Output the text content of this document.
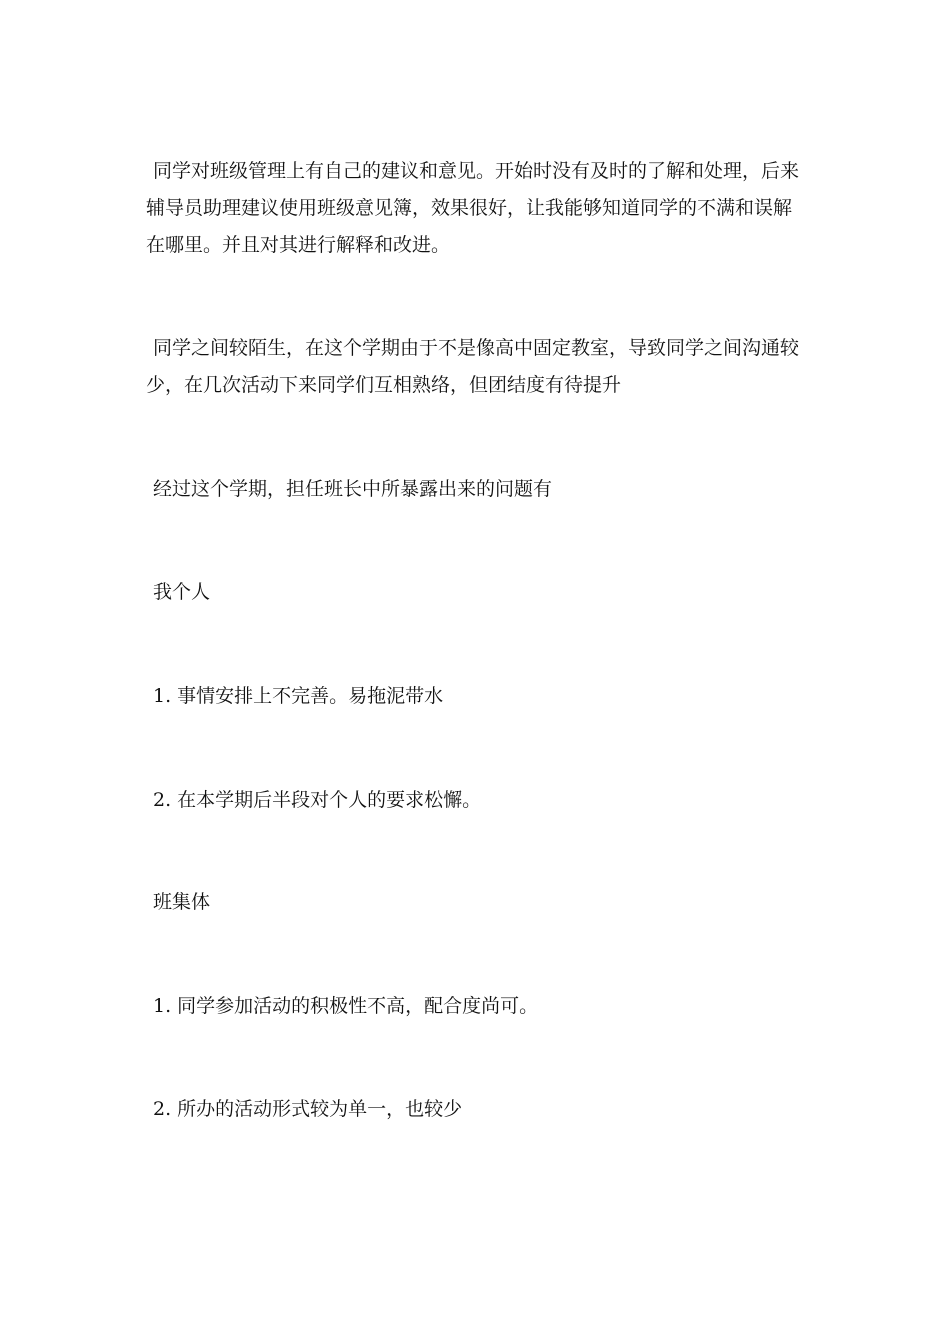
同学对班级管理上有自己的建议和意见。开始时没有及时的了解和处理，后来
辅导员助理建议使用班级意见簿，效果很好，让我能够知道同学的不满和误解
在哪里。并且对其进行解释和改进。
同学之间较陌生，在这个学期由于不是像高中固定教室，导致同学之间沟通较
少，在几次活动下来同学们互相熟络，但团结度有待提升
经过这个学期，担任班长中所暴露出来的问题有
我个人
1. 事情安排上不完善。易拖泥带水
2. 在本学期后半段对个人的要求松懈。
班集体
1. 同学参加活动的积极性不高，配合度尚可。
2. 所办的活动形式较为单一，也较少
